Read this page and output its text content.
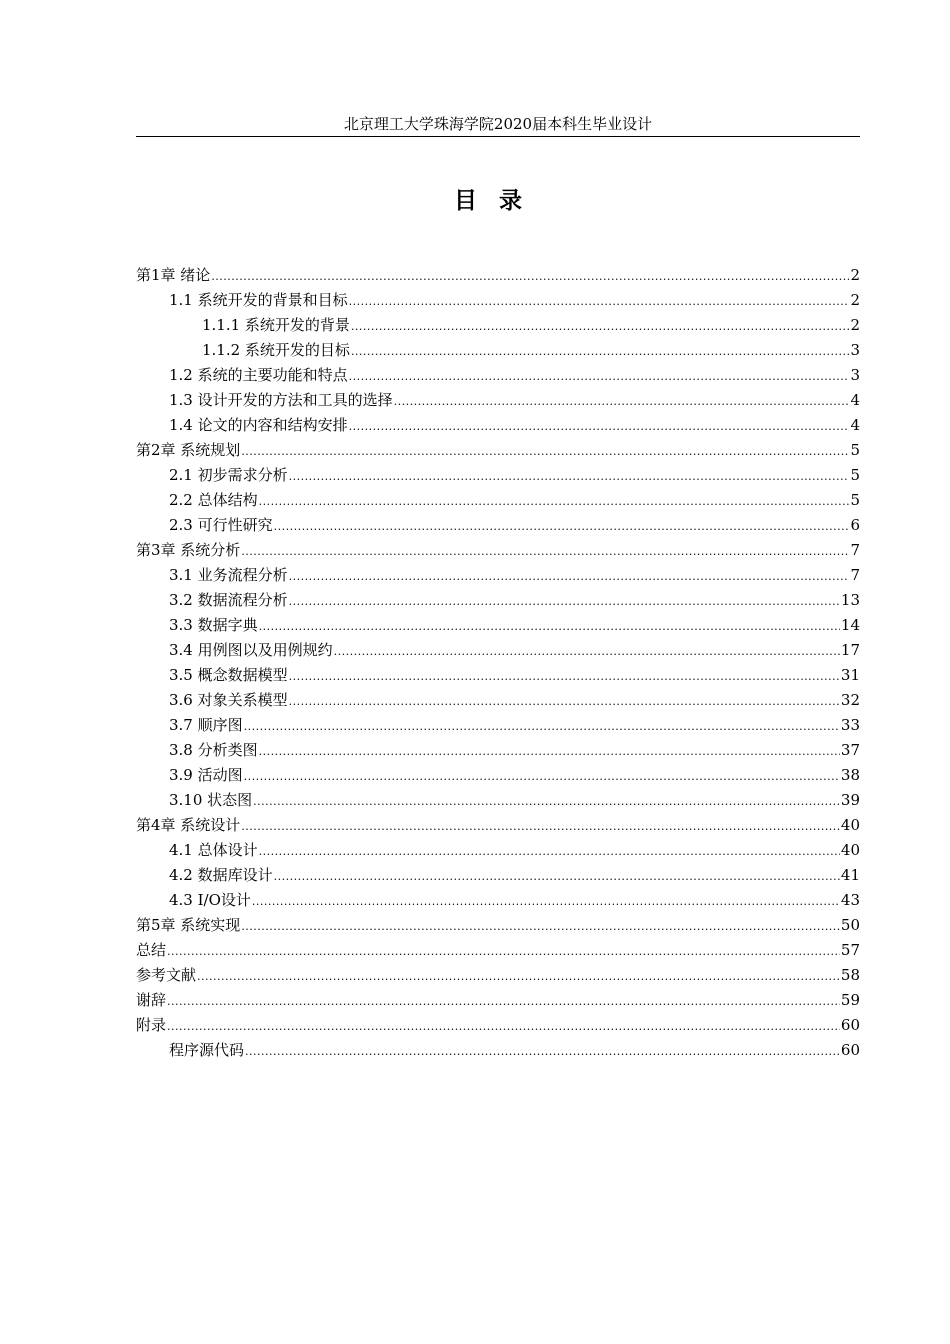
北京理工大学珠海学院2020届本科生毕业设计
目录
第1章 绪论 .....	2
1.1 系统开发的背景和目标 .....	2
1.1.1 系统开发的背景 .....	2
1.1.2 系统开发的目标 .....	3
1.2 系统的主要功能和特点 .....	3
1.3 设计开发的方法和工具的选择 .....	4
1.4 论文的内容和结构安排 .....	4
第2章 系统规划 .....	5
2.1 初步需求分析 .....	5
2.2 总体结构 .....	5
2.3 可行性研究 .....	6
第3章 系统分析 .....	7
3.1 业务流程分析 .....	7
3.2 数据流程分析 .....	13
3.3 数据字典 .....	14
3.4 用例图以及用例规约 .....	17
3.5 概念数据模型 .....	31
3.6 对象关系模型 .....	32
3.7 顺序图 .....	33
3.8 分析类图 .....	37
3.9 活动图 .....	38
3.10 状态图 .....	39
第4章 系统设计 .....	40
4.1 总体设计 .....	40
4.2 数据库设计 .....	41
4.3 I/O设计 .....	43
第5章 系统实现 .....	50
总结 .....	57
参考文献 .....	58
谢辞 .....	59
附录 .....	60
程序源代码 .....	60
